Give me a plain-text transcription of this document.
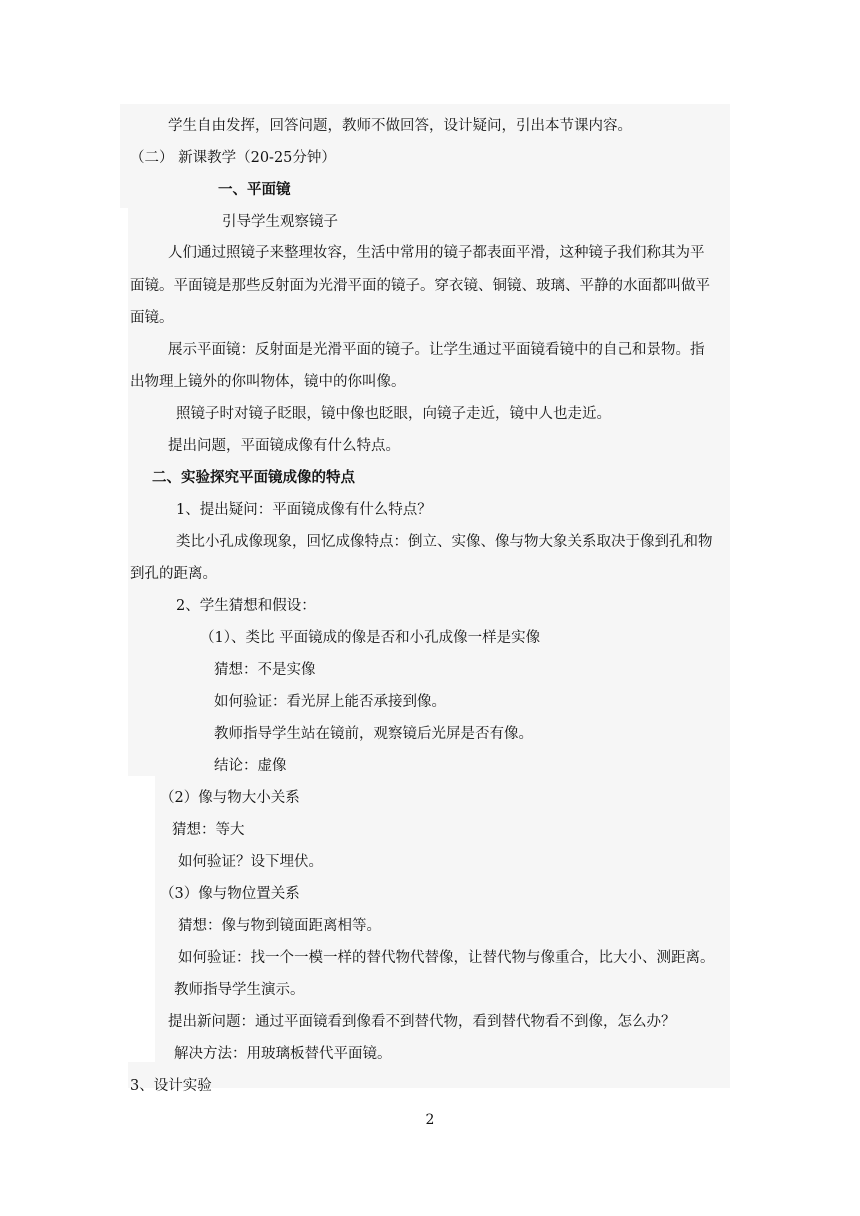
学生自由发挥，回答问题，教师不做回答，设计疑问，引出本节课内容。
（二） 新课教学（20-25分钟）
一、平面镜
引导学生观察镜子
人们通过照镜子来整理妆容，生活中常用的镜子都表面平滑，这种镜子我们称其为平
面镜。平面镜是那些反射面为光滑平面的镜子。穿衣镜、铜镜、玻璃、平静的水面都叫做平
面镜。
展示平面镜：反射面是光滑平面的镜子。让学生通过平面镜看镜中的自己和景物。指
出物理上镜外的你叫物体，镜中的你叫像。
照镜子时对镜子眨眼，镜中像也眨眼，向镜子走近，镜中人也走近。
提出问题，平面镜成像有什么特点。
二、实验探究平面镜成像的特点
1、提出疑问：平面镜成像有什么特点？
类比小孔成像现象，回忆成像特点：倒立、实像、像与物大象关系取决于像到孔和物
到孔的距离。
2、学生猜想和假设：
（1）、类比 平面镜成的像是否和小孔成像一样是实像
猜想：不是实像
如何验证：看光屏上能否承接到像。
教师指导学生站在镜前，观察镜后光屏是否有像。
结论：虚像
（2）像与物大小关系
猜想：等大
如何验证？设下埋伏。
（3）像与物位置关系
猜想：像与物到镜面距离相等。
如何验证：找一个一模一样的替代物代替像，让替代物与像重合，比大小、测距离。
教师指导学生演示。
提出新问题：通过平面镜看到像看不到替代物，看到替代物看不到像，怎么办？
解决方法：用玻璃板替代平面镜。
3、设计实验
2
